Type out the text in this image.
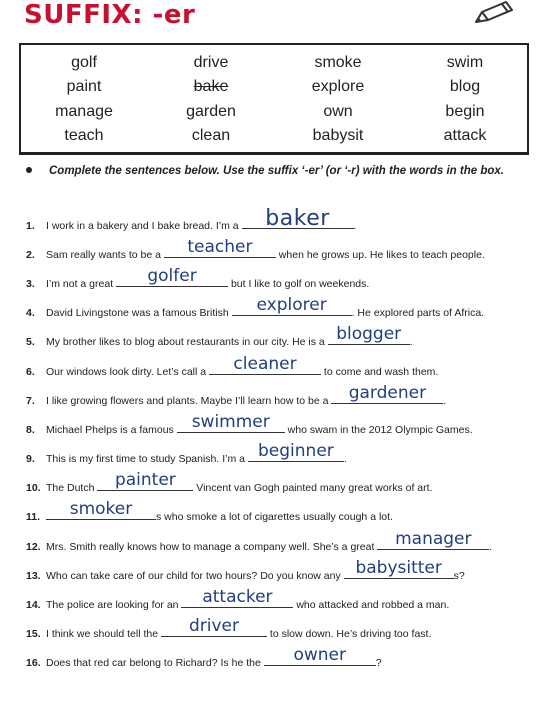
SUFFIX: -er
golf	drive	smoke	swim
paint	bake	explore	blog
manage	garden	own	begin
teach	clean	babysit	attack
Complete the sentences below. Use the suffix ‘-er’ (or ‘-r) with the words in the box.
1. I work in a bakery and I bake bread. I’m a baker .
2. Sam really wants to be a teacher when he grows up. He likes to teach people.
3. I’m not a great golfer	but I like to golf on weekends.
4. David Livingstone was a famous British explorer . He explored parts of Africa.
5. My brother likes to blog about restaurants in our city. He is a blogger .
6. Our windows look dirty. Let’s call a cleaner to come and wash them.
7. I like growing flowers and plants. Maybe I’ll learn how to be a gardener .
8. Michael Phelps is a famous swimmer who swam in the 2012 Olympic Games.
9. This is my first time to study Spanish. I’m a beginner .
10. The Dutch painter Vincent van Gogh painted many great works of art.
11. smoker s who smoke a lot of cigarettes usually cough a lot.
12. Mrs. Smith really knows how to manage a company well. She’s a great manager .
13. Who can take care of our child for two hours? Do you know any babysitter s?
14. The police are looking for an attacker who attacked and robbed a man.
15. I think we should tell the driver	to slow down. He’s driving too fast.
16. Does that red car belong to Richard? Is he the owner	?
